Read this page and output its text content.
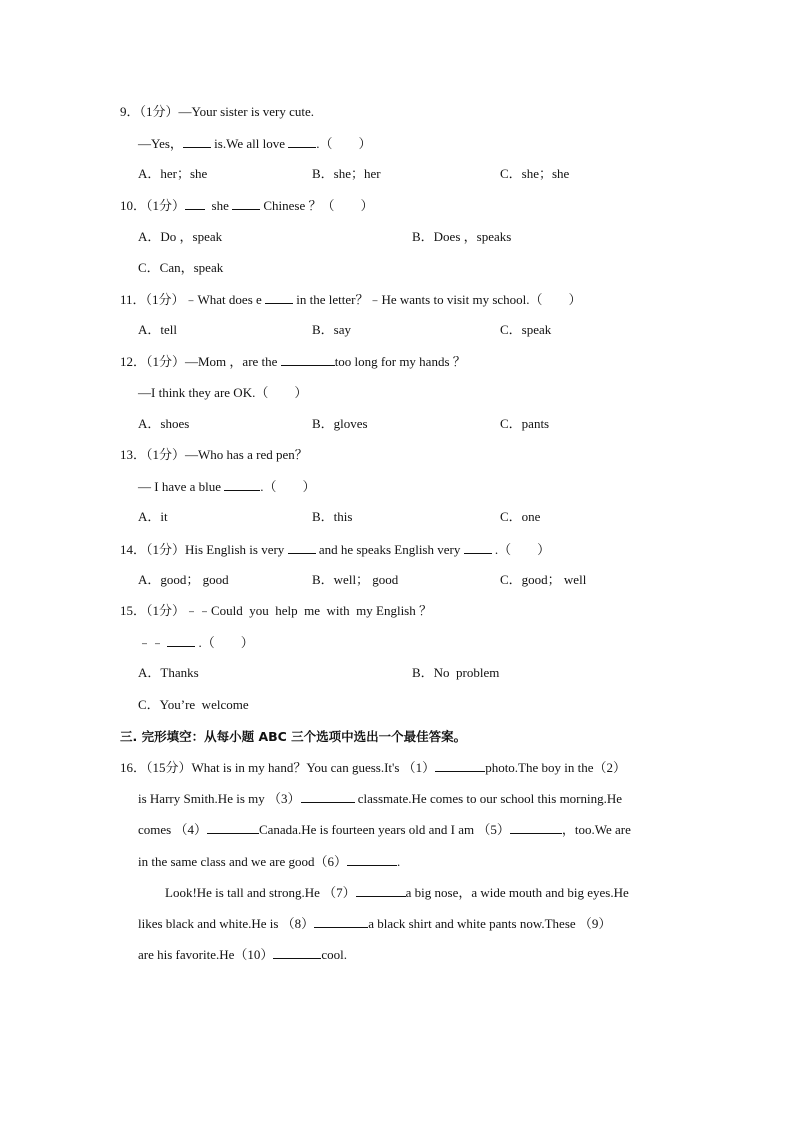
9．（1分）—Your sister is very cute.
—Yes， is.We all love .（　　）
A．her；she	B．she；her	C．she；she
10．（1分）  she  Chinese ？（　　）
A．Do ，speak	B．Does ，speaks
C．Can，speak
11．（1分）﹣What does e  in the letter？﹣He wants to visit my school.（　　）
A．tell	B．say	C．speak
12．（1分）—Mom ，are the	too long for my hands ？
—I think they are OK.（　　）
A．shoes	B．gloves	C．pants
13．（1分）—Who has a red pen？
— I have a blue	.（　　）
A．it	B．this	C．one
14．（1分）His English is very  and he speaks English very  .（　　）
A．good； good	B．well； good	C．good； well
15．（1分）﹣﹣Could  you  help  me  with  my English ？
﹣﹣  .（　　）
A．Thanks	B．No  problem
C．You’re  welcome
三. 完形填空：从每小题 ABC 三个选项中选出一个最佳答案。
16．（15分）What is in my hand？You can guess.It's （1）	photo.The boy in the（2）
is Harry Smith.He is my （3）	classmate.He comes to our school this morning.He
comes （4）	Canada.He is fourteen years old and I am （5）	，too.We are
in the same class and we are good（6）	.
Look!He is tall and strong.He （7）	a big nose，a wide mouth and big eyes.He
likes black and white.He is （8）	a black shirt and white pants now.These （9）
are his favorite.He（10）	cool.
